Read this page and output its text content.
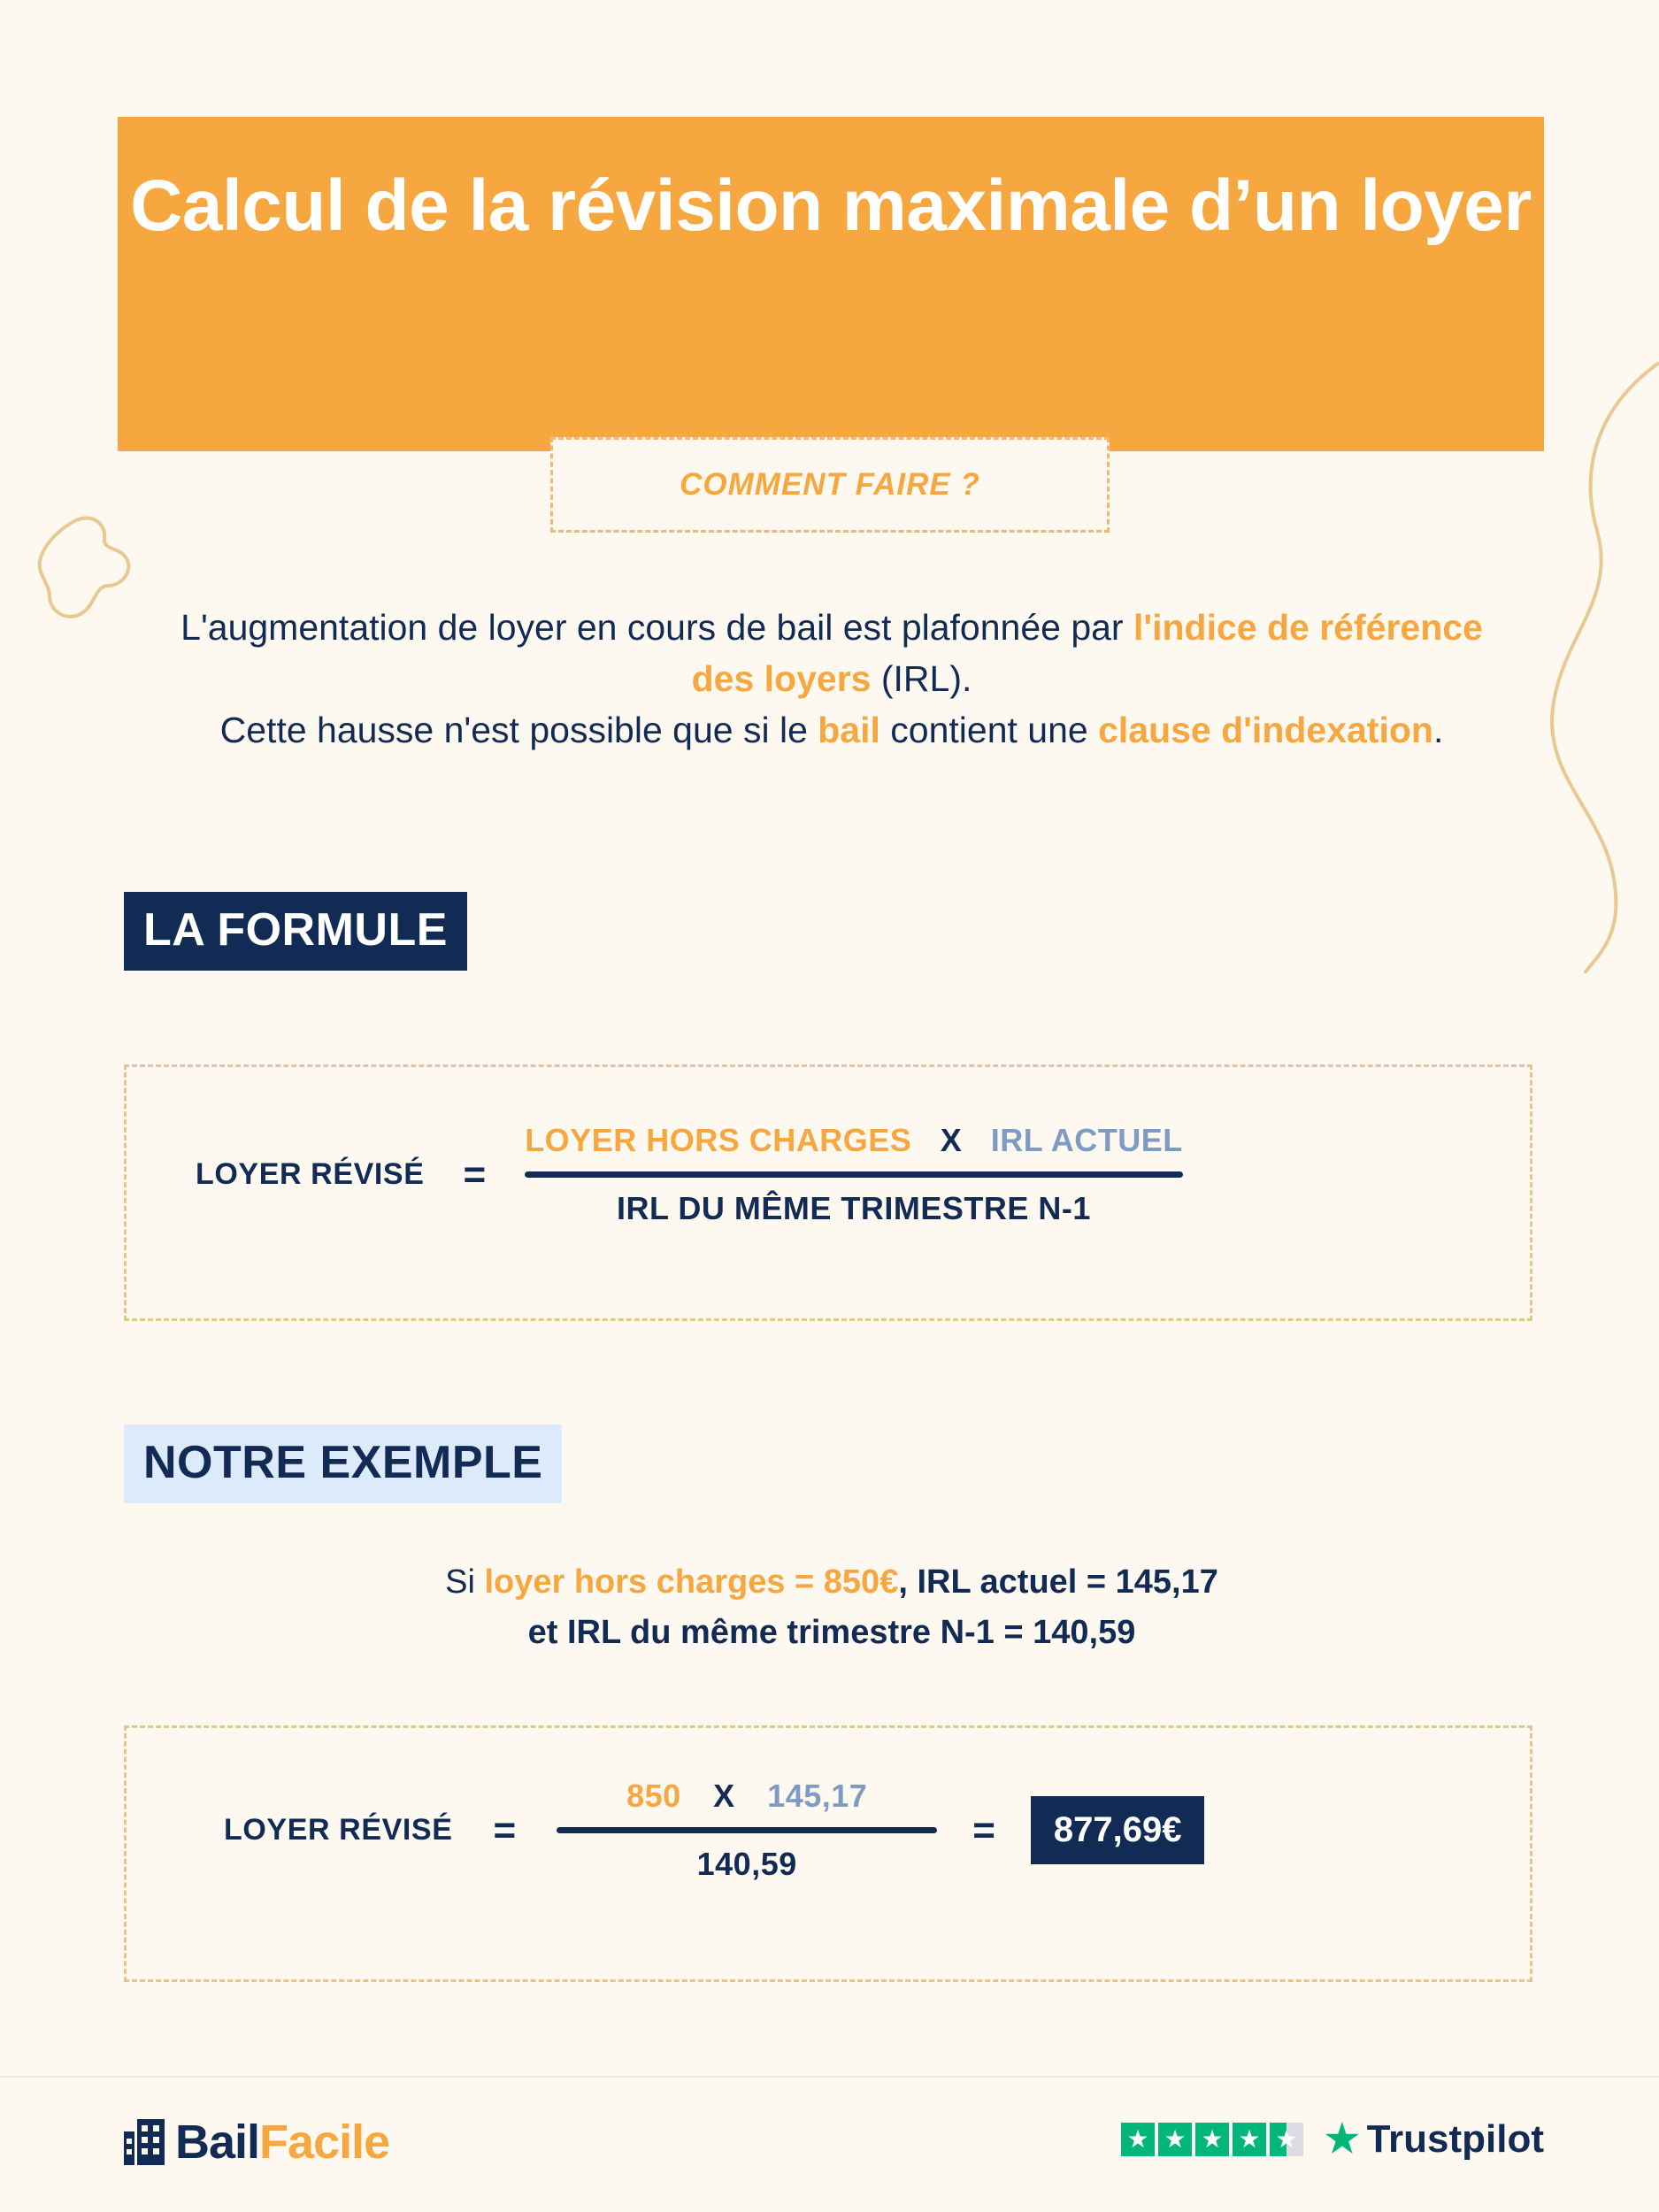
Calcul de la révision maximale d’un loyer
COMMENT FAIRE ?
L'augmentation de loyer en cours de bail est plafonnée par l'indice de référence des loyers (IRL).
Cette hausse n'est possible que si le bail contient une clause d'indexation.
LA FORMULE
LOYER RÉVISÉ =
LOYER HORS CHARGES X IRL ACTUEL
IRL DU MÊME TRIMESTRE N-1
NOTRE EXEMPLE
Si loyer hors charges = 850€, IRL actuel = 145,17
et IRL du même trimestre N-1 = 140,59
LOYER RÉVISÉ =
850 X 145,17
140,59
=	877,69€
BailFacile	★ ★ ★ ★ ★ ★ Trustpilot
